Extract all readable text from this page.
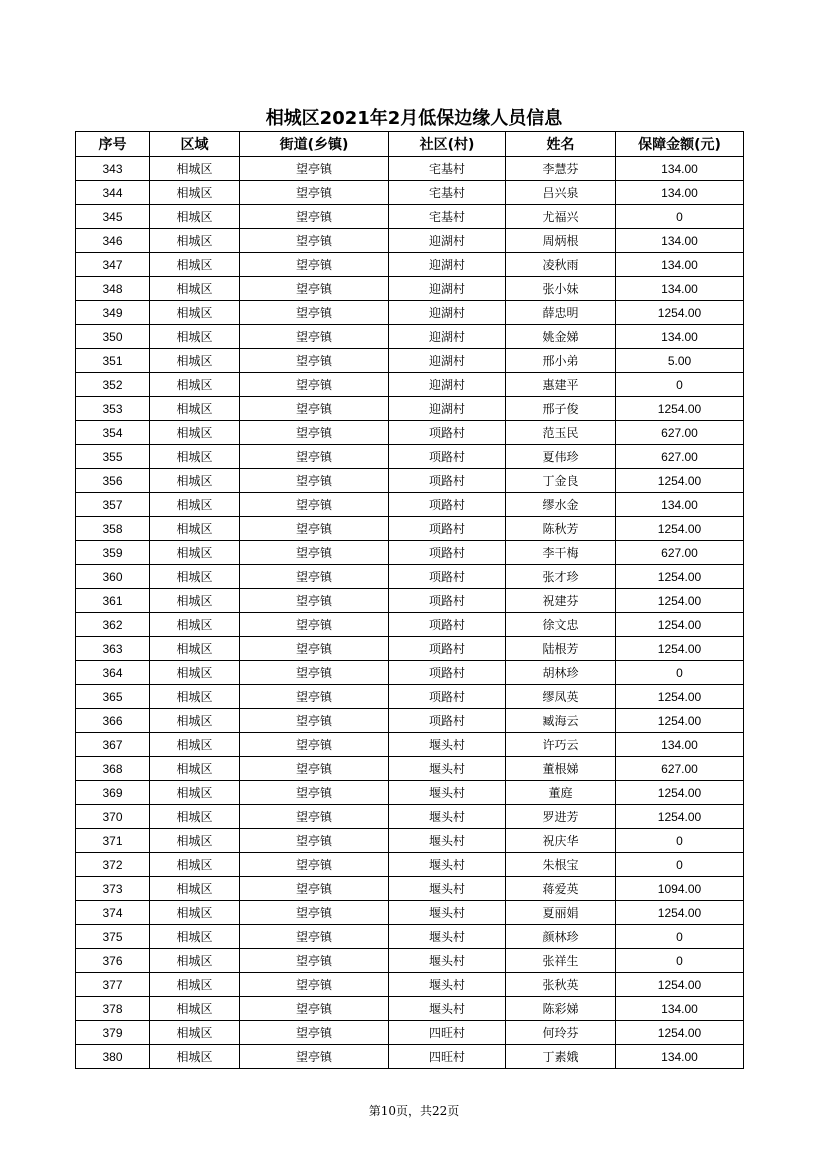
相城区2021年2月低保边缘人员信息
序号	区域	街道(乡镇)	社区(村)	姓名	保障金额(元)
343	相城区	望亭镇	宅基村	李慧芬	134.00
344	相城区	望亭镇	宅基村	吕兴泉	134.00
345	相城区	望亭镇	宅基村	尤福兴	0
346	相城区	望亭镇	迎湖村	周炳根	134.00
347	相城区	望亭镇	迎湖村	凌秋雨	134.00
348	相城区	望亭镇	迎湖村	张小妹	134.00
349	相城区	望亭镇	迎湖村	薛忠明	1254.00
350	相城区	望亭镇	迎湖村	姚金娣	134.00
351	相城区	望亭镇	迎湖村	邢小弟	5.00
352	相城区	望亭镇	迎湖村	惠建平	0
353	相城区	望亭镇	迎湖村	邢子俊	1254.00
354	相城区	望亭镇	项路村	范玉民	627.00
355	相城区	望亭镇	项路村	夏伟珍	627.00
356	相城区	望亭镇	项路村	丁金良	1254.00
357	相城区	望亭镇	项路村	缪水金	134.00
358	相城区	望亭镇	项路村	陈秋芳	1254.00
359	相城区	望亭镇	项路村	李干梅	627.00
360	相城区	望亭镇	项路村	张才珍	1254.00
361	相城区	望亭镇	项路村	祝建芬	1254.00
362	相城区	望亭镇	项路村	徐文忠	1254.00
363	相城区	望亭镇	项路村	陆根芳	1254.00
364	相城区	望亭镇	项路村	胡林珍	0
365	相城区	望亭镇	项路村	缪凤英	1254.00
366	相城区	望亭镇	项路村	臧海云	1254.00
367	相城区	望亭镇	堰头村	许巧云	134.00
368	相城区	望亭镇	堰头村	董根娣	627.00
369	相城区	望亭镇	堰头村	董庭	1254.00
370	相城区	望亭镇	堰头村	罗进芳	1254.00
371	相城区	望亭镇	堰头村	祝庆华	0
372	相城区	望亭镇	堰头村	朱根宝	0
373	相城区	望亭镇	堰头村	蒋爱英	1094.00
374	相城区	望亭镇	堰头村	夏丽娟	1254.00
375	相城区	望亭镇	堰头村	颜林珍	0
376	相城区	望亭镇	堰头村	张祥生	0
377	相城区	望亭镇	堰头村	张秋英	1254.00
378	相城区	望亭镇	堰头村	陈彩娣	134.00
379	相城区	望亭镇	四旺村	何玲芬	1254.00
380	相城区	望亭镇	四旺村	丁素娥	134.00
第10页，共22页
